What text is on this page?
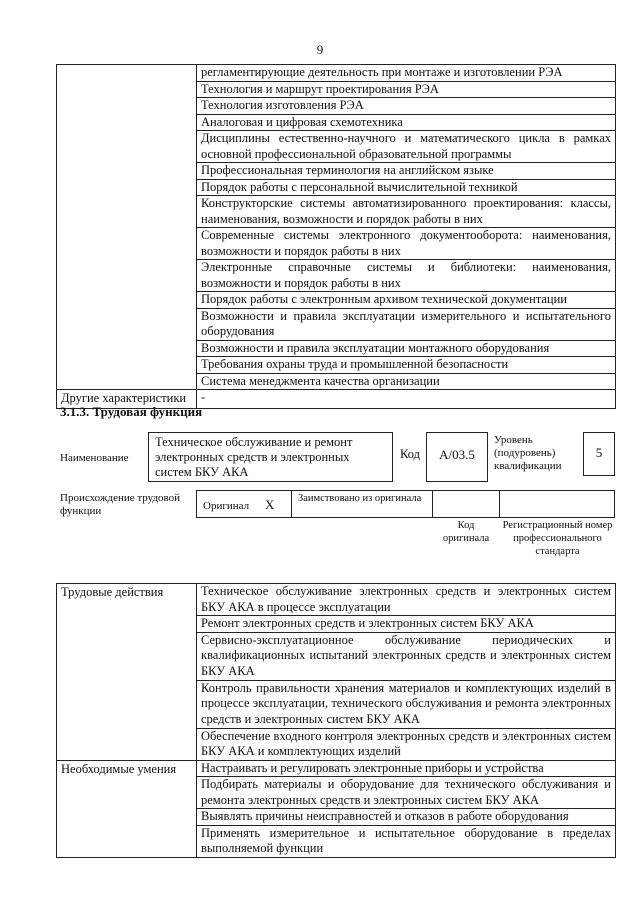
9
	регламентирующие деятельность при монтаже и изготовлении РЭА
	Технология и маршрут проектирования РЭА
	Технология изготовления РЭА
	Аналоговая и цифровая схемотехника
	Дисциплины естественно-научного и математического цикла в рамках основной профессиональной образовательной программы
	Профессиональная терминология на английском языке
	Порядок работы с персональной вычислительной техникой
	Конструкторские системы автоматизированного проектирования: классы, наименования, возможности и порядок работы в них
	Современные системы электронного документооборота: наименования, возможности и порядок работы в них
	Электронные справочные системы и библиотеки: наименования, возможности и порядок работы в них
	Порядок работы с электронным архивом технической документации
	Возможности и правила эксплуатации измерительного и испытательного оборудования
	Возможности и правила эксплуатации монтажного оборудования
	Требования охраны труда и промышленной безопасности
	Система менеджмента качества организации
Другие характеристики	-
3.1.3. Трудовая функция
Наименование
Техническое обслуживание и ремонт электронных средств и электронных систем БКУ АКА
Код	A/03.5
Уровень (подуровень) квалификации
5
Происхождение трудовой функции	Оригинал X Заимствовано из оригинала
Код оригинала
Регистрационный номер профессионального стандарта
Трудовые действия	Техническое обслуживание электронных средств и электронных систем БКУ АКА в процессе эксплуатации
	Ремонт электронных средств и электронных систем БКУ АКА
	Сервисно-эксплуатационное обслуживание периодических и квалификационных испытаний электронных средств и электронных систем БКУ АКА
	Контроль правильности хранения материалов и комплектующих изделий в процессе эксплуатации, технического обслуживания и ремонта электронных средств и электронных систем БКУ АКА
	Обеспечение входного контроля электронных средств и электронных систем БКУ АКА и комплектующих изделий
Необходимые умения	Настраивать и регулировать электронные приборы и устройства
	Подбирать материалы и оборудование для технического обслуживания и ремонта электронных средств и электронных систем БКУ АКА
	Выявлять причины неисправностей и отказов в работе оборудования
	Применять измерительное и испытательное оборудование в пределах выполняемой функции
